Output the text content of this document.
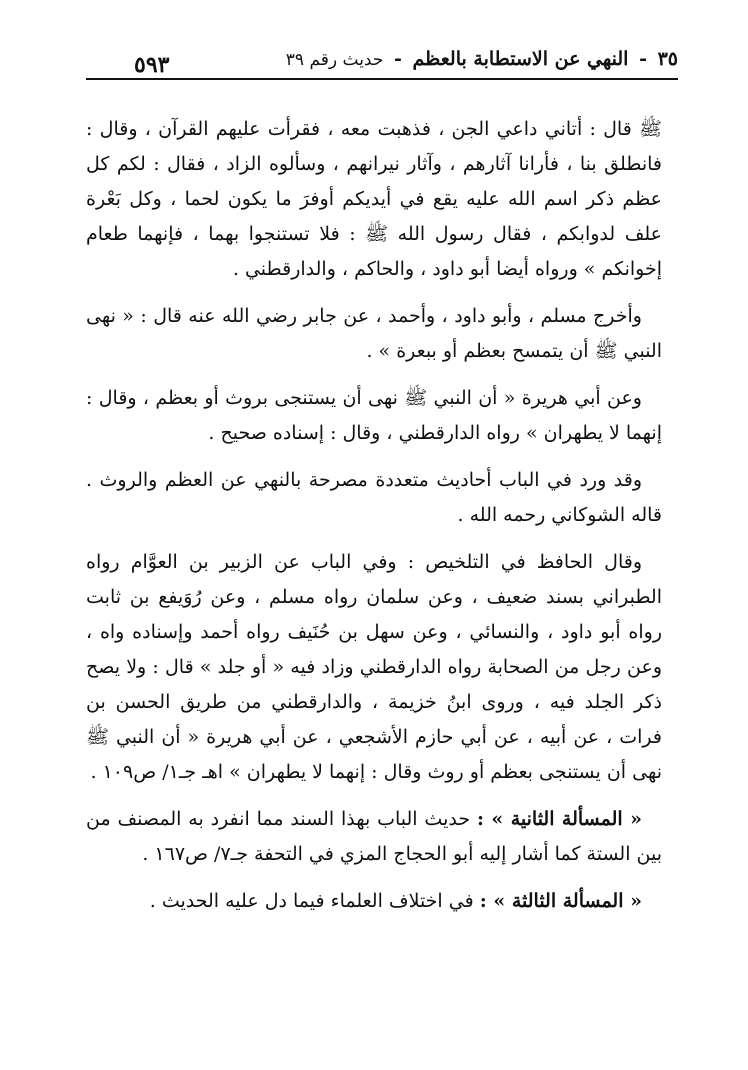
٣٥ - النهي عن الاستطابة بالعظم - حديث رقم ٣٩
٥٩٣

ﷺ قال : أتاني داعي الجن ، فذهبت معه ، فقرأت عليهم القرآن ، وقال : فانطلق بنا ، فأرانا آثارهم ، وآثار نيرانهم ، وسألوه الزاد ، فقال : لكم كل عظم ذكر اسم الله عليه يقع في أيديكم أوفرَ ما يكون لحما ، وكل بَعْرة علف لدوابكم ، فقال رسول الله ﷺ : فلا تستنجوا بهما ، فإنهما طعام إخوانكم » ورواه أيضا أبو داود ، والحاكم ، والدارقطني .

وأخرج مسلم ، وأبو داود ، وأحمد ، عن جابر رضي الله عنه قال : « نهى النبي ﷺ أن يتمسح بعظم أو ببعرة » .

وعن أبي هريرة « أن النبي ﷺ نهى أن يستنجى بروث أو بعظم ، وقال : إنهما لا يطهران » رواه الدارقطني ، وقال : إسناده صحيح .

وقد ورد في الباب أحاديث متعددة مصرحة بالنهي عن العظم والروث . قاله الشوكاني رحمه الله .

وقال الحافظ في التلخيص : وفي الباب عن الزبير بن العوَّام رواه الطبراني بسند ضعيف ، وعن سلمان رواه مسلم ، وعن رُوَيفع بن ثابت رواه أبو داود ، والنسائي ، وعن سهل بن حُنَيف رواه أحمد وإسناده واه ، وعن رجل من الصحابة رواه الدارقطني وزاد فيه « أو جلد » قال : ولا يصح ذكر الجلد فيه ، وروى ابنُ خزيمة ، والدارقطني من طريق الحسن بن فرات ، عن أبيه ، عن أبي حازم الأشجعي ، عن أبي هريرة « أن النبي ﷺ نهى أن يستنجى بعظم أو روث وقال : إنهما لا يطهران » اهـ جـ١/ ص١٠٩ .

« المسألة الثانية » : حديث الباب بهذا السند مما انفرد به المصنف من بين الستة كما أشار إليه أبو الحجاج المزي في التحفة جـ٧/ ص١٦٧ .

« المسألة الثالثة » : في اختلاف العلماء فيما دل عليه الحديث .
